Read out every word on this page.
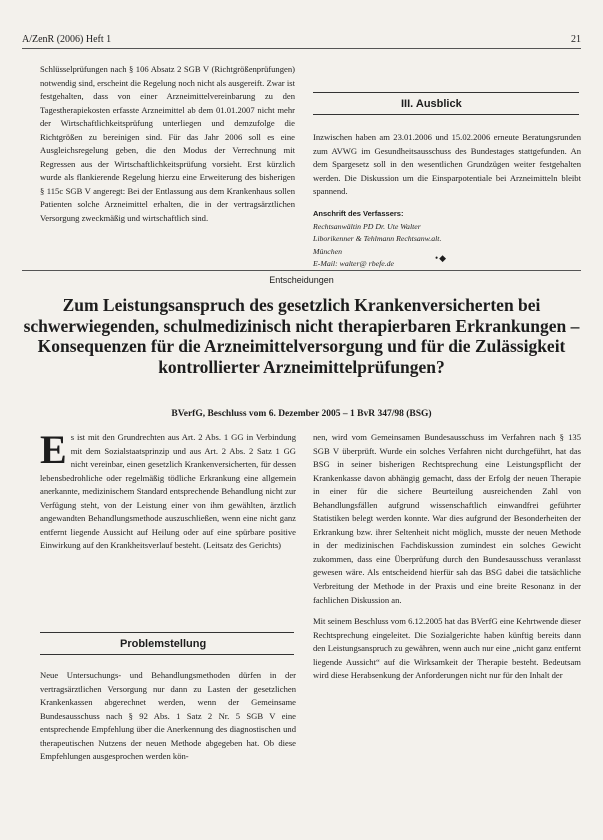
A/ZenR (2006) Heft 1	21

Schlüsselprüfungen nach § 106 Absatz 2 SGB V (Richtgrößenprüfungen) notwendig sind, erscheint die Regelung noch nicht als ausgereift. Zwar ist festgehalten, dass von einer Arzneimittelvereinbarung zu den Tagestherapiekosten erfasste Arzneimittel ab dem 01.01.2007 nicht mehr der Wirtschaftlichkeitsprüfung unterliegen und demzufolge die Richtgrößen zu bereinigen sind. Für das Jahr 2006 soll es eine Ausgleichsregelung geben, die den Modus der Verrechnung mit Regressen aus der Wirtschaftlichkeitsprüfung vorsieht. Erst kürzlich wurde als flankierende Regelung hierzu eine Erweiterung des bisherigen § 115c SGB V angeregt: Bei der Entlassung aus dem Krankenhaus sollen Patienten solche Arzneimittel erhalten, die in der vertragsärztlichen Versorgung zweckmäßig und wirtschaftlich sind.

III. Ausblick

Inzwischen haben am 23.01.2006 und 15.02.2006 erneute Beratungsrunden zum AVWG im Gesundheitsausschuss des Bundestages stattgefunden. An dem Spargesetz soll in den wesentlichen Grundzügen weiter festgehalten werden. Die Diskussion um die Einsparpotentiale bei Arzneimitteln bleibt spannend.

Anschrift des Verfassers:
Rechtsanwältin PD Dr. Ute Walter
Liborikenner & Tehlmann Rechtsanw.alt.
München
E-Mail: walter@ rbefe.de
•◆
Entscheidungen
Zum Leistungsanspruch des gesetzlich Krankenversicherten bei schwerwiegenden, schulmedizinisch nicht therapierbaren Erkrankungen – Konsequenzen für die Arzneimittelversorgung und für die Zulässigkeit kontrollierter Arzneimittelprüfungen?
BVerfG, Beschluss vom 6. Dezember 2005 – 1 BvR 347/98 (BSG)

Es ist mit den Grundrechten aus Art. 2 Abs. 1 GG in Verbindung mit dem Sozialstaatsprinzip und aus Art. 2 Abs. 2 Satz 1 GG nicht vereinbar, einen gesetzlich Krankenversicherten, für dessen lebensbedrohliche oder regelmäßig tödliche Erkrankung eine allgemein anerkannte, medizinischem Standard entsprechende Behandlung nicht zur Verfügung steht, von der Leistung einer von ihm gewählten, ärztlich angewandten Behandlungsmethode auszuschließen, wenn eine nicht ganz entfernt liegende Aussicht auf Heilung oder auf eine spürbare positive Einwirkung auf den Krankheitsverlauf besteht. (Leitsatz des Gerichts)

Problemstellung

Neue Untersuchungs- und Behandlungsmethoden dürfen in der vertragsärztlichen Versorgung nur dann zu Lasten der gesetzlichen Krankenkassen abgerechnet werden, wenn der Gemeinsame Bundesausschuss nach § 92 Abs. 1 Satz 2 Nr. 5 SGB V eine entsprechende Empfehlung über die Anerkennung des diagnostischen und therapeutischen Nutzens der neuen Methode abgegeben hat. Ob diese Empfehlungen ausgesprochen werden kön-

nen, wird vom Gemeinsamen Bundesausschuss im Verfahren nach § 135 SGB V überprüft. Wurde ein solches Verfahren nicht durchgeführt, hat das BSG in seiner bisherigen Rechtsprechung eine Leistungspflicht der Krankenkasse davon abhängig gemacht, dass der Erfolg der neuen Therapie in einer für die sichere Beurteilung ausreichenden Zahl von Behandlungsfällen aufgrund wissenschaftlich einwandfrei geführter Statistiken belegt werden konnte. War dies aufgrund der Besonderheiten der Erkrankung bzw. ihrer Seltenheit nicht möglich, musste der neuen Methode in der medizinischen Fachdiskussion zumindest ein solches Gewicht zukommen, dass eine Überprüfung durch den Bundesausschuss veranlasst gewesen wäre. Als entscheidend hierfür sah das BSG dabei die tatsächliche Verbreitung der Methode in der Praxis und eine breite Resonanz in der fachlichen Diskussion an.

Mit seinem Beschluss vom 6.12.2005 hat das BVerfG eine Kehrtwende dieser Rechtsprechung eingeleitet. Die Sozialgerichte haben künftig bereits dann den Leistungsanspruch zu gewähren, wenn auch nur eine „nicht ganz entfernt liegende Aussicht“ auf die Wirksamkeit der Therapie besteht. Bedeutsam wird diese Herabsenkung der Anforderungen nicht nur für den Inhalt der
